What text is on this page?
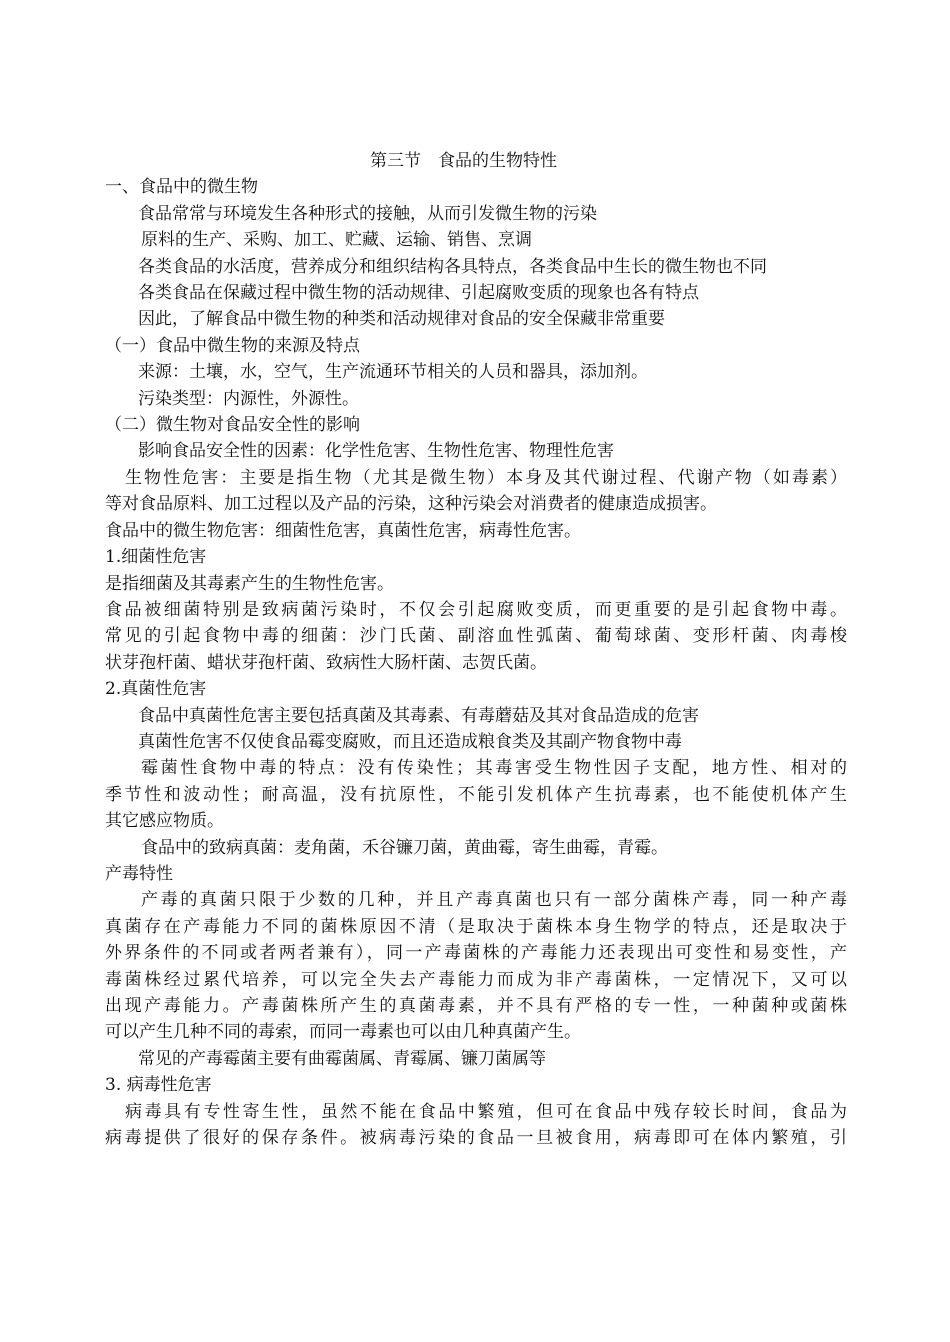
第三节　食品的生物特性
一、食品中的微生物
食品常常与环境发生各种形式的接触，从而引发微生物的污染
原料的生产、采购、加工、贮藏、运输、销售、烹调
各类食品的水活度，营养成分和组织结构各具特点，各类食品中生长的微生物也不同
各类食品在保藏过程中微生物的活动规律、引起腐败变质的现象也各有特点
因此，了解食品中微生物的种类和活动规律对食品的安全保藏非常重要
（一）食品中微生物的来源及特点
来源：土壤，水，空气，生产流通环节相关的人员和器具，添加剂。
污染类型：内源性，外源性。
（二）微生物对食品安全性的影响
影响食品安全性的因素：化学性危害、生物性危害、物理性危害
生物性危害：主要是指生物（尤其是微生物）本身及其代谢过程、代谢产物（如毒素）
等对食品原料、加工过程以及产品的污染，这种污染会对消费者的健康造成损害。
食品中的微生物危害：细菌性危害，真菌性危害，病毒性危害。
1.细菌性危害
是指细菌及其毒素产生的生物性危害。
食品被细菌特别是致病菌污染时，不仅会引起腐败变质，而更重要的是引起食物中毒。
常见的引起食物中毒的细菌：沙门氏菌、副溶血性弧菌、葡萄球菌、变形杆菌、肉毒梭
状芽孢杆菌、蜡状芽孢杆菌、致病性大肠杆菌、志贺氏菌。
2.真菌性危害
食品中真菌性危害主要包括真菌及其毒素、有毒蘑菇及其对食品造成的危害
真菌性危害不仅使食品霉变腐败，而且还造成粮食类及其副产物食物中毒
霉菌性食物中毒的特点：没有传染性；其毒害受生物性因子支配，地方性、相对的
季节性和波动性；耐高温，没有抗原性，不能引发机体产生抗毒素，也不能使机体产生
其它感应物质。
食品中的致病真菌：麦角菌，禾谷镰刀菌，黄曲霉，寄生曲霉，青霉。
产毒特性
产毒的真菌只限于少数的几种，并且产毒真菌也只有一部分菌株产毒，同一种产毒
真菌存在产毒能力不同的菌株原因不清（是取决于菌株本身生物学的特点，还是取决于
外界条件的不同或者两者兼有），同一产毒菌株的产毒能力还表现出可变性和易变性，产
毒菌株经过累代培养，可以完全失去产毒能力而成为非产毒菌株，一定情况下，又可以
出现产毒能力。产毒菌株所产生的真菌毒素，并不具有严格的专一性，一种菌种或菌株
可以产生几种不同的毒索，而同一毒素也可以由几种真菌产生。
常见的产毒霉菌主要有曲霉菌属、青霉属、镰刀菌属等
3. 病毒性危害
病毒具有专性寄生性，虽然不能在食品中繁殖，但可在食品中残存较长时间，食品为
病毒提供了很好的保存条件。被病毒污染的食品一旦被食用，病毒即可在体内繁殖，引
